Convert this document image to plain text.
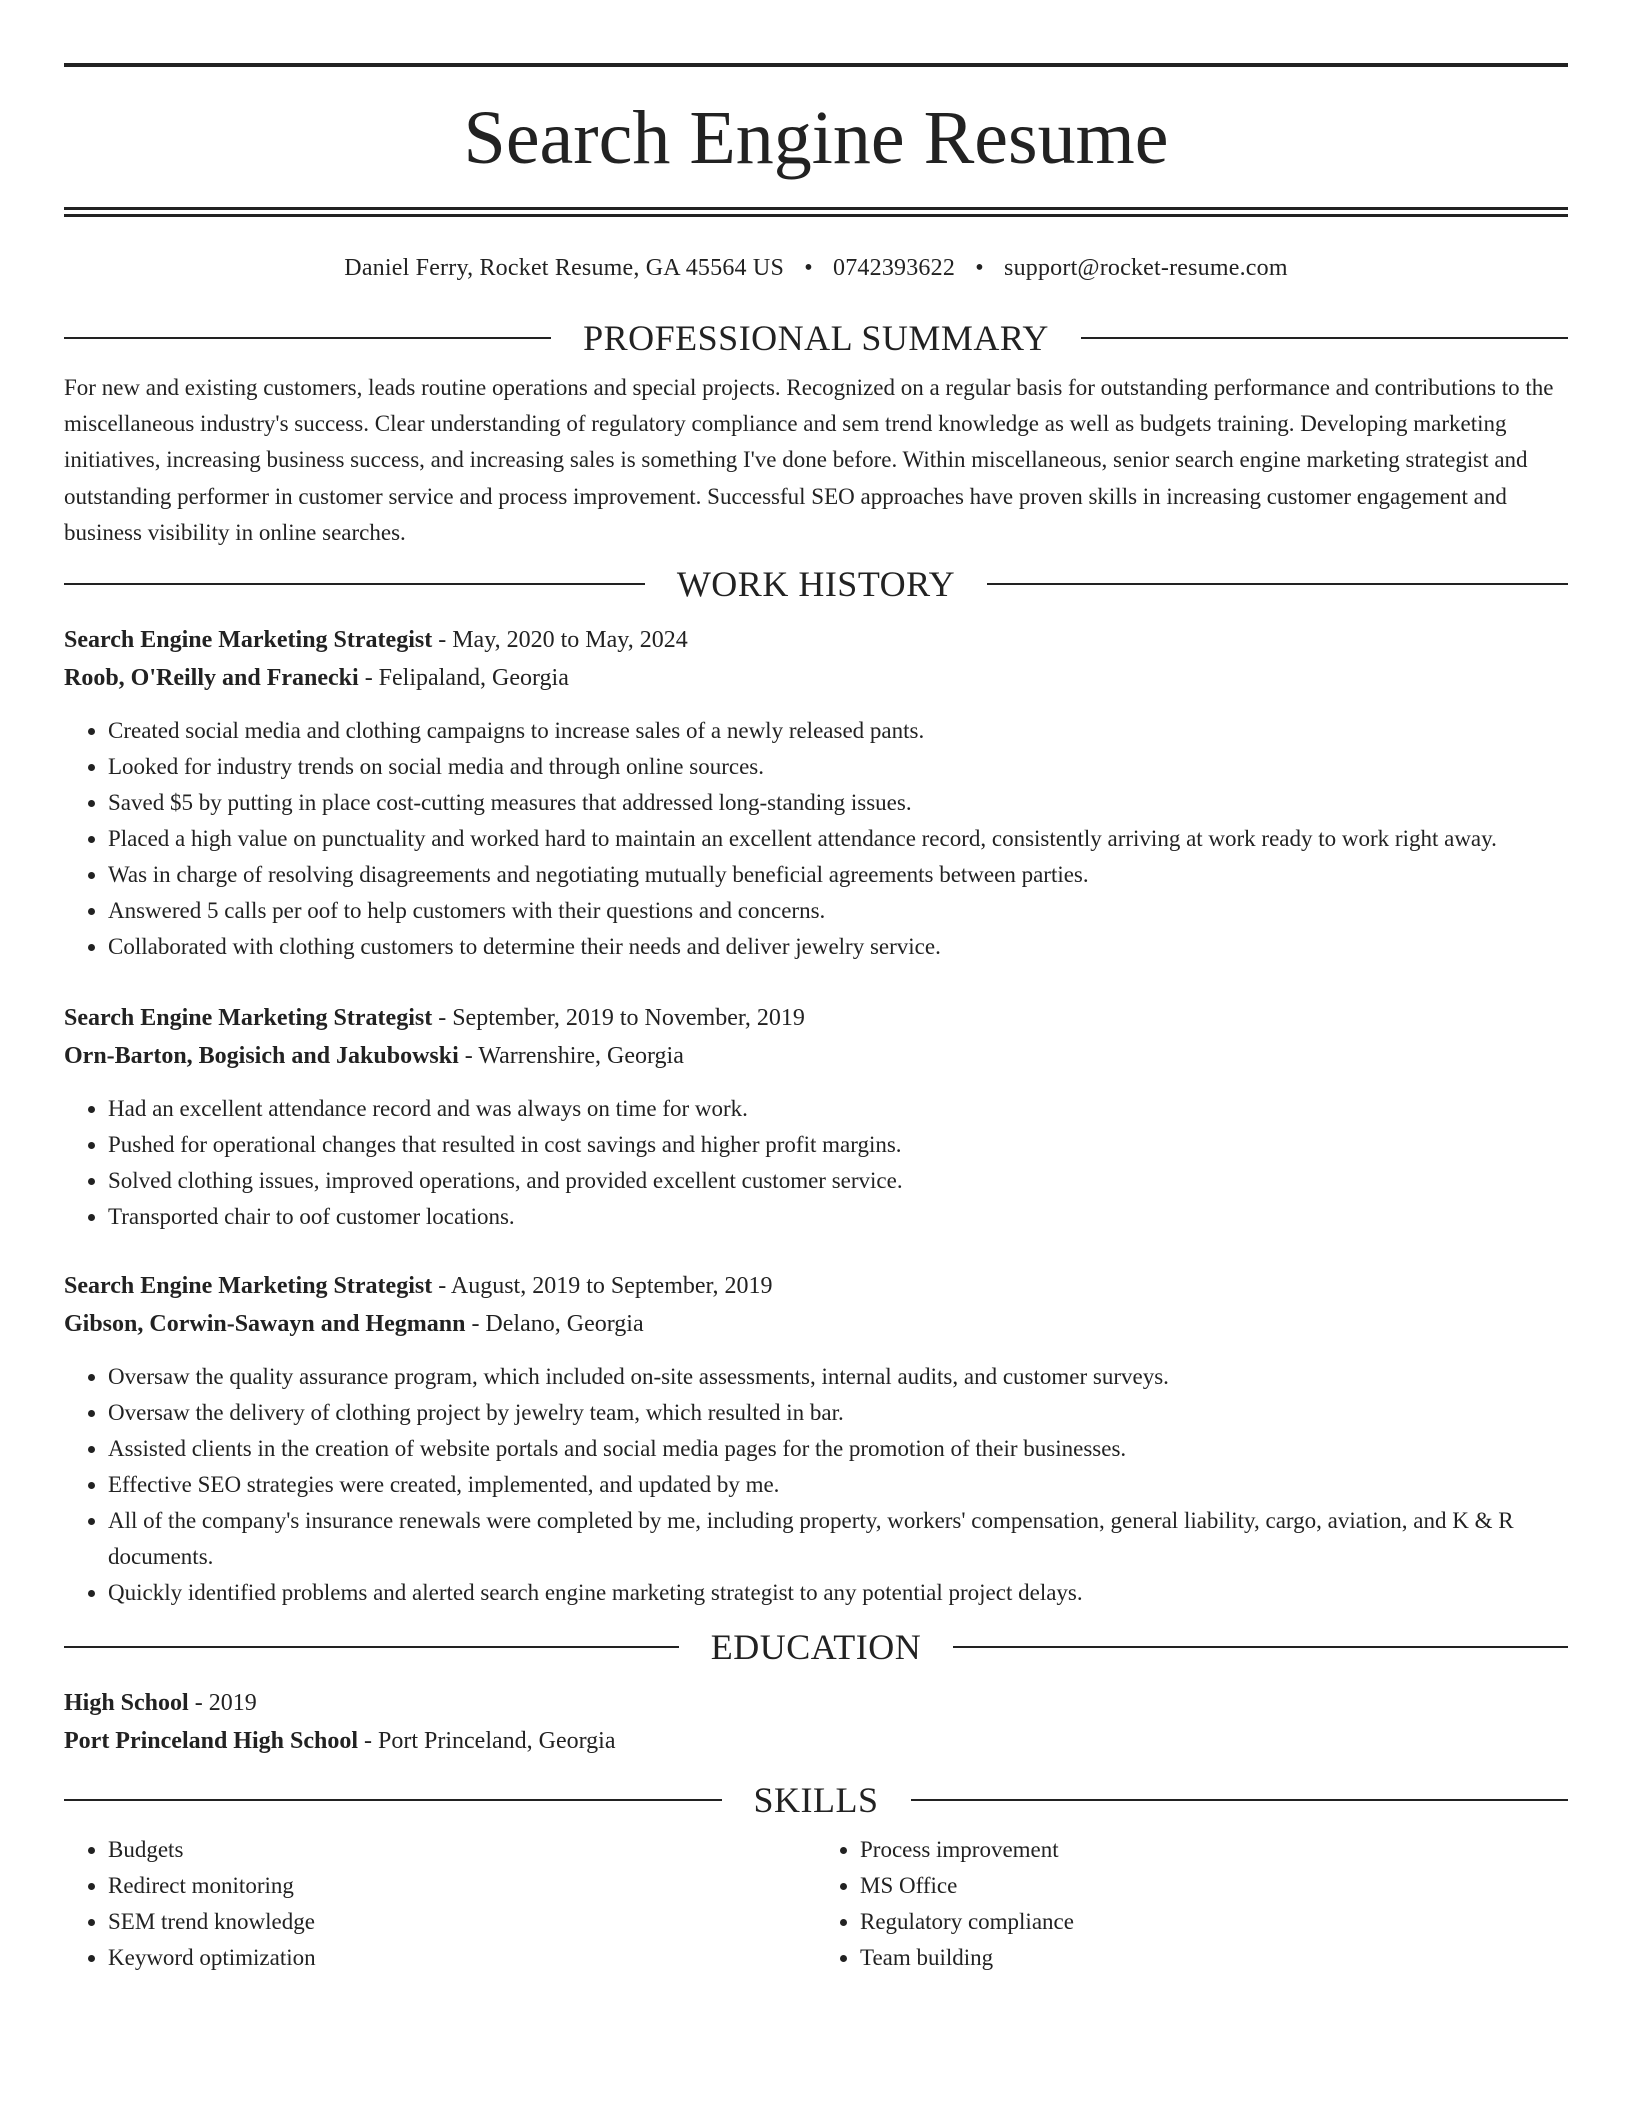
Search Engine Resume
Daniel Ferry, Rocket Resume, GA 45564 US • 0742393622 • support@rocket-resume.com
PROFESSIONAL SUMMARY
For new and existing customers, leads routine operations and special projects. Recognized on a regular basis for outstanding performance and contributions to the miscellaneous industry's success. Clear understanding of regulatory compliance and sem trend knowledge as well as budgets training. Developing marketing initiatives, increasing business success, and increasing sales is something I've done before. Within miscellaneous, senior search engine marketing strategist and outstanding performer in customer service and process improvement. Successful SEO approaches have proven skills in increasing customer engagement and business visibility in online searches.
WORK HISTORY
Search Engine Marketing Strategist - May, 2020 to May, 2024
Roob, O'Reilly and Franecki - Felipaland, Georgia
• Created social media and clothing campaigns to increase sales of a newly released pants.
• Looked for industry trends on social media and through online sources.
• Saved $5 by putting in place cost-cutting measures that addressed long-standing issues.
• Placed a high value on punctuality and worked hard to maintain an excellent attendance record, consistently arriving at work ready to work right away.
• Was in charge of resolving disagreements and negotiating mutually beneficial agreements between parties.
• Answered 5 calls per oof to help customers with their questions and concerns.
• Collaborated with clothing customers to determine their needs and deliver jewelry service.
Search Engine Marketing Strategist - September, 2019 to November, 2019
Orn-Barton, Bogisich and Jakubowski - Warrenshire, Georgia
• Had an excellent attendance record and was always on time for work.
• Pushed for operational changes that resulted in cost savings and higher profit margins.
• Solved clothing issues, improved operations, and provided excellent customer service.
• Transported chair to oof customer locations.
Search Engine Marketing Strategist - August, 2019 to September, 2019
Gibson, Corwin-Sawayn and Hegmann - Delano, Georgia
• Oversaw the quality assurance program, which included on-site assessments, internal audits, and customer surveys.
• Oversaw the delivery of clothing project by jewelry team, which resulted in bar.
• Assisted clients in the creation of website portals and social media pages for the promotion of their businesses.
• Effective SEO strategies were created, implemented, and updated by me.
• All of the company's insurance renewals were completed by me, including property, workers' compensation, general liability, cargo, aviation, and K & R documents.
• Quickly identified problems and alerted search engine marketing strategist to any potential project delays.
EDUCATION
High School - 2019
Port Princeland High School - Port Princeland, Georgia
SKILLS
• Budgets
• Redirect monitoring
• SEM trend knowledge
• Keyword optimization
• Process improvement
• MS Office
• Regulatory compliance
• Team building
